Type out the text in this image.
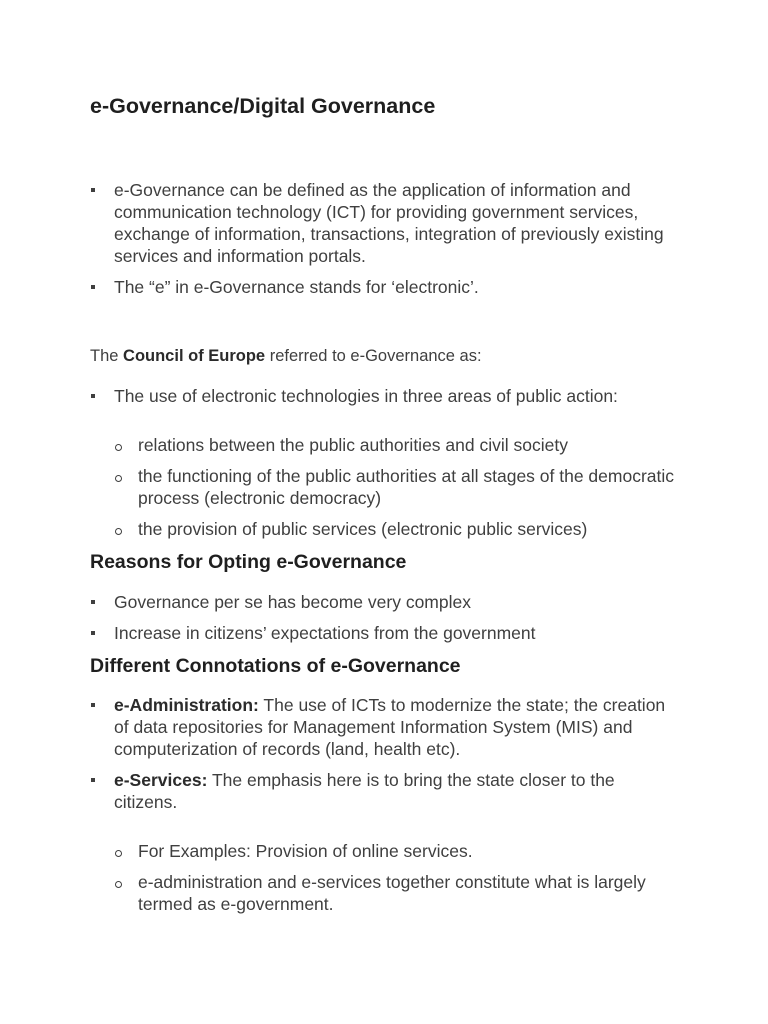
e-Governance/Digital Governance
e-Governance can be defined as the application of information and communication technology (ICT) for providing government services, exchange of information, transactions, integration of previously existing services and information portals.
The “e” in e-Governance stands for ‘electronic’.
The Council of Europe referred to e-Governance as:
The use of electronic technologies in three areas of public action:
relations between the public authorities and civil society
the functioning of the public authorities at all stages of the democratic process (electronic democracy)
the provision of public services (electronic public services)
Reasons for Opting e-Governance
Governance per se has become very complex
Increase in citizens’ expectations from the government
Different Connotations of e-Governance
e-Administration: The use of ICTs to modernize the state; the creation of data repositories for Management Information System (MIS) and computerization of records (land, health etc).
e-Services: The emphasis here is to bring the state closer to the citizens.
For Examples: Provision of online services.
e-administration and e-services together constitute what is largely termed as e-government.
